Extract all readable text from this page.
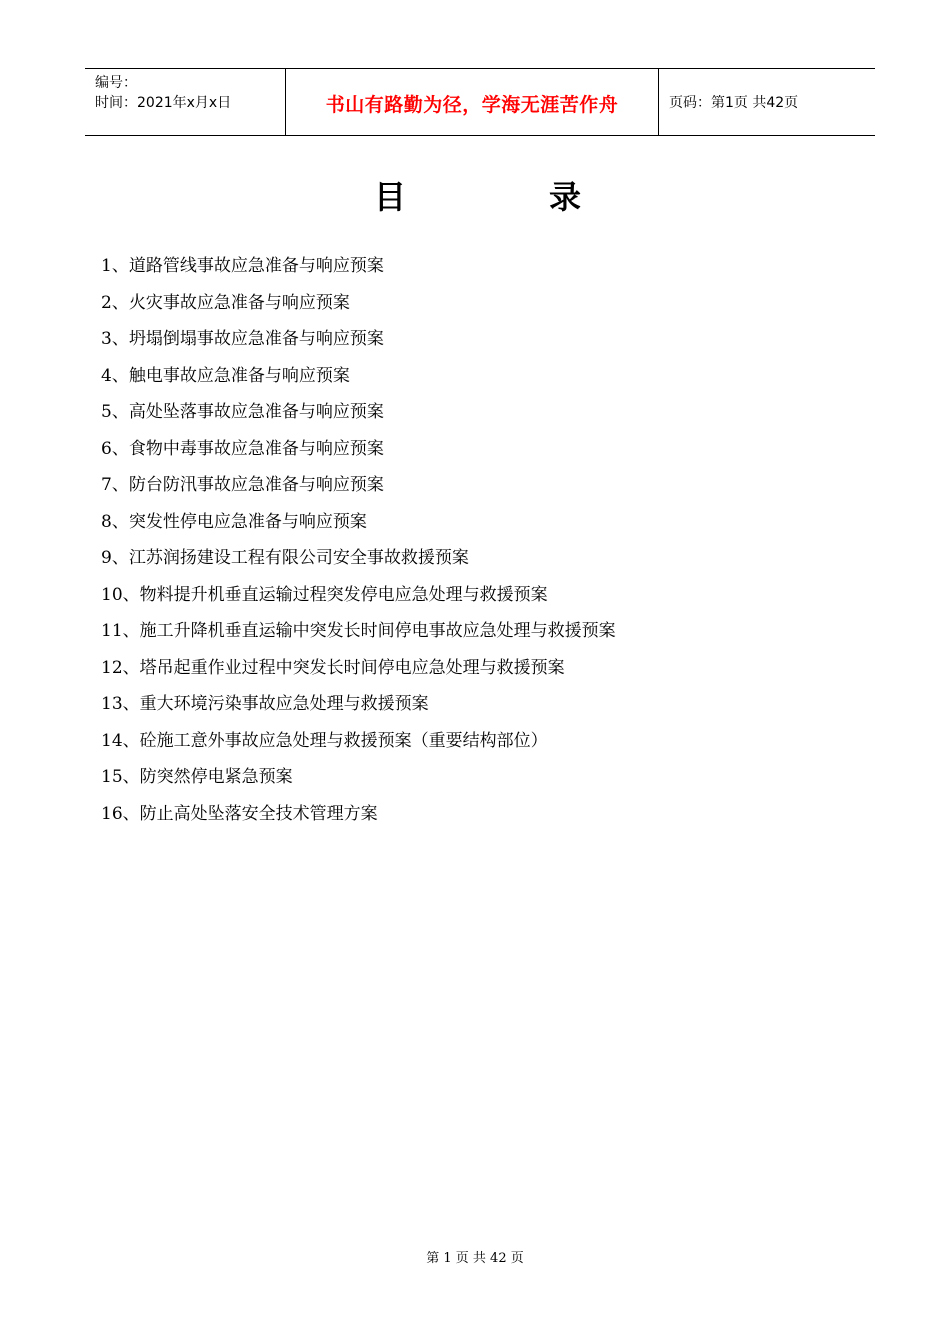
编号：
时间：2021年x月x日	书山有路勤为径，学海无涯苦作舟	页码：第1页 共42页
目	录
1、道路管线事故应急准备与响应预案
2、火灾事故应急准备与响应预案
3、坍塌倒塌事故应急准备与响应预案
4、触电事故应急准备与响应预案
5、高处坠落事故应急准备与响应预案
6、食物中毒事故应急准备与响应预案
7、防台防汛事故应急准备与响应预案
8、突发性停电应急准备与响应预案
9、江苏润扬建设工程有限公司安全事故救援预案
10、物料提升机垂直运输过程突发停电应急处理与救援预案
11、施工升降机垂直运输中突发长时间停电事故应急处理与救援预案
12、塔吊起重作业过程中突发长时间停电应急处理与救援预案
13、重大环境污染事故应急处理与救援预案
14、砼施工意外事故应急处理与救援预案（重要结构部位）
15、防突然停电紧急预案
16、防止高处坠落安全技术管理方案
第 1 页 共 42 页
